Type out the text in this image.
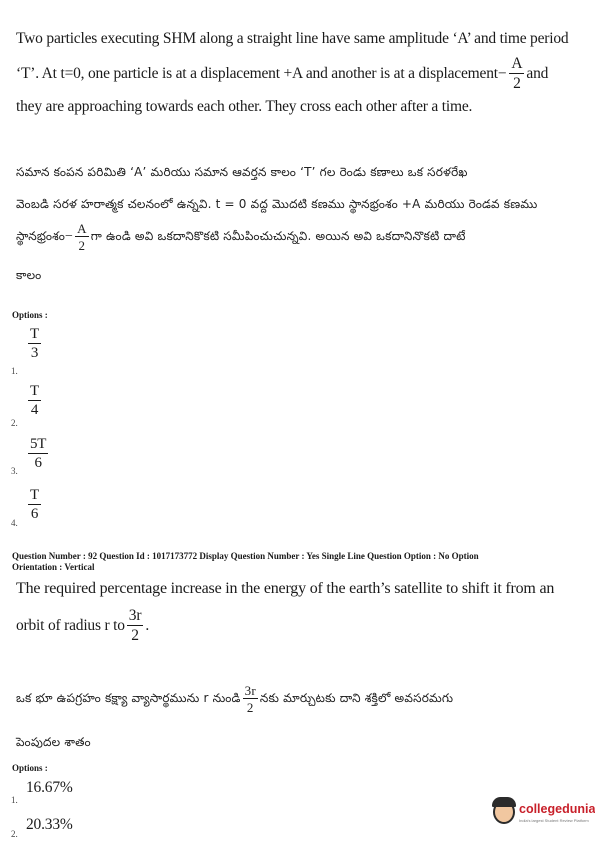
Two particles executing SHM along a straight line have same amplitude ‘A’ and time period
‘T’. At t=0, one particle is at a displacement +A and another is at a displacement − $\frac{A}{2}$ and
they are approaching towards each other. They cross each other after a time.
సమాన కంపన పరిమితి ‘A’ మరియు సమాన ఆవర్తన కాలం ‘T’ గల రెండు కణాలు ఒక సరళరేఖ
వెంబడి సరళ హరాత్మక చలనంలో ఉన్నవి. t = 0 వద్ద మొదటి కణము స్థానభ్రంశం +A మరియు రెండవ కణము
స్థానభ్రంశం − $\frac{A}{2}$ గా ఉండి అవి ఒకదానికొకటి సమీపించుచున్నవి. అయిన అవి ఒకదానినొకటి దాటే
కాలం
Options :
$\frac{T}{3}$
1.
$\frac{T}{4}$
2.
$\frac{5T}{6}$
3.
$\frac{T}{6}$
4.
Question Number : 92 Question Id : 1017173772 Display Question Number : Yes Single Line Question Option : No Option
Orientation : Vertical
The required percentage increase in the energy of the earth’s satellite to shift it from an
orbit of radius r to $\frac{3r}{2}$ .
ఒక భూ ఉపగ్రహం కక్ష్యా వ్యాసార్థమును r నుండి $\frac{3r}{2}$ నకు మార్చుటకు దాని శక్తిలో అవసరమగు
పెంపుదల శాతం
Options :
16.67%
1.
20.33%
2.
collegedunia
India's largest Student Review Platform
